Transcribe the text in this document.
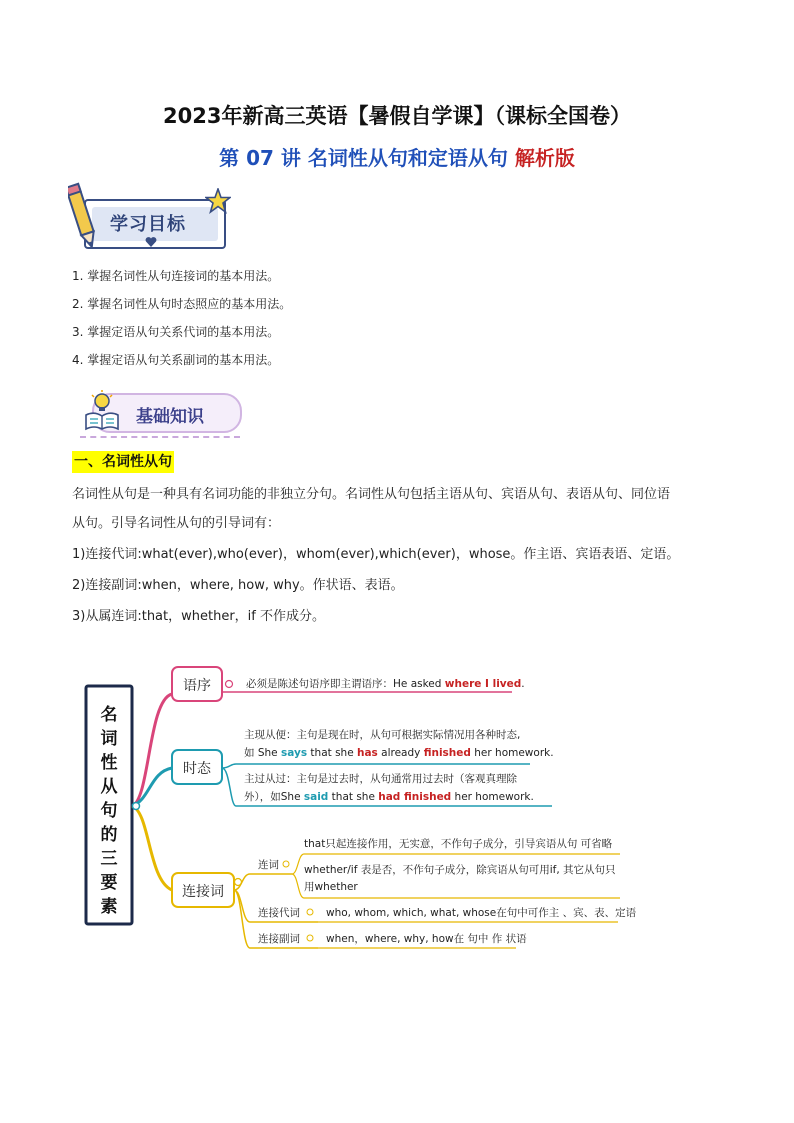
2023年新高三英语【暑假自学课】（课标全国卷）
第 07 讲 名词性从句和定语从句 解析版
学习目标
1. 掌握名词性从句连接词的基本用法。
2. 掌握名词性从句时态照应的基本用法。
3. 掌握定语从句关系代词的基本用法。
4. 掌握定语从句关系副词的基本用法。
基础知识
一、名词性从句
名词性从句是一种具有名词功能的非独立分句。名词性从句包括主语从句、宾语从句、表语从句、同位语
从句。引导名词性从句的引导词有：
1)连接代词:what(ever),who(ever)，whom(ever),which(ever)，whose。作主语、宾语表语、定语。
2)连接副词:when，where, how, why。作状语、表语。
3)从属连词:that，whether，if 不作成分。
名
词
性
从
句
的
三
要
素
语序	必须是陈述句语序即主谓语序：He asked where I lived.
时态
主现从便：主句是现在时，从句可根据实际情况用各种时态,
如 She says that she has already finished her homework.
主过从过：主句是过去时，从句通常用过去时（客观真理除
外），如She said that she had finished her homework.
连接词
连词
that只起连接作用，无实意，不作句子成分，引导宾语从句 可省略
whether/if 表是否，不作句子成分，除宾语从句可用if, 其它从句只
用whether
连接代词 who, whom, which, what, whose在句中可作主 、宾、表、定语
连接副词 when，where, why, how在 句中 作 状语
